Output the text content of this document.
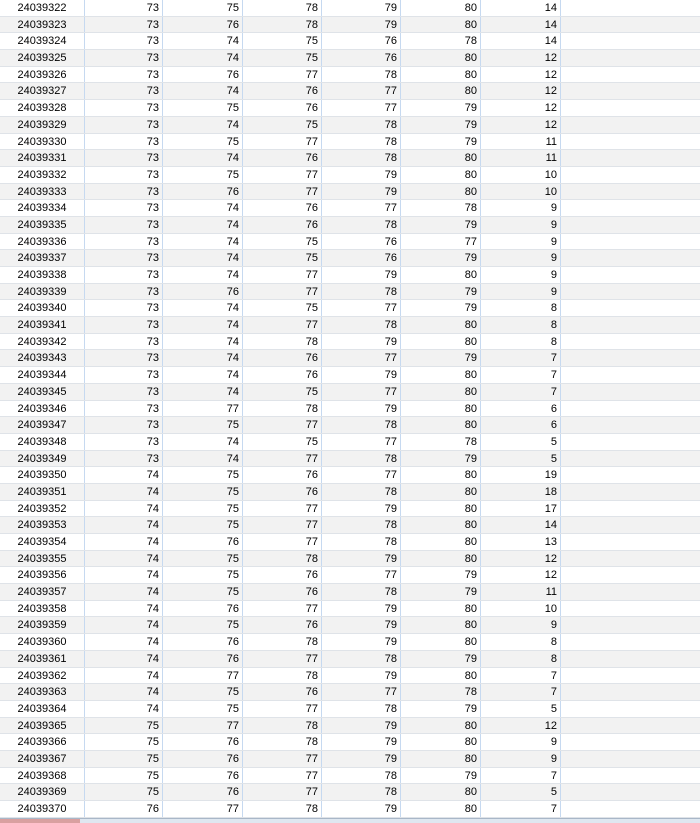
24039322	73	75	78	79	80	14
24039323	73	76	78	79	80	14
24039324	73	74	75	76	78	14
24039325	73	74	75	76	80	12
24039326	73	76	77	78	80	12
24039327	73	74	76	77	80	12
24039328	73	75	76	77	79	12
24039329	73	74	75	78	79	12
24039330	73	75	77	78	79	11
24039331	73	74	76	78	80	11
24039332	73	75	77	79	80	10
24039333	73	76	77	79	80	10
24039334	73	74	76	77	78	9
24039335	73	74	76	78	79	9
24039336	73	74	75	76	77	9
24039337	73	74	75	76	79	9
24039338	73	74	77	79	80	9
24039339	73	76	77	78	79	9
24039340	73	74	75	77	79	8
24039341	73	74	77	78	80	8
24039342	73	74	78	79	80	8
24039343	73	74	76	77	79	7
24039344	73	74	76	79	80	7
24039345	73	74	75	77	80	7
24039346	73	77	78	79	80	6
24039347	73	75	77	78	80	6
24039348	73	74	75	77	78	5
24039349	73	74	77	78	79	5
24039350	74	75	76	77	80	19
24039351	74	75	76	78	80	18
24039352	74	75	77	79	80	17
24039353	74	75	77	78	80	14
24039354	74	76	77	78	80	13
24039355	74	75	78	79	80	12
24039356	74	75	76	77	79	12
24039357	74	75	76	78	79	11
24039358	74	76	77	79	80	10
24039359	74	75	76	79	80	9
24039360	74	76	78	79	80	8
24039361	74	76	77	78	79	8
24039362	74	77	78	79	80	7
24039363	74	75	76	77	78	7
24039364	74	75	77	78	79	5
24039365	75	77	78	79	80	12
24039366	75	76	78	79	80	9
24039367	75	76	77	79	80	9
24039368	75	76	77	78	79	7
24039369	75	76	77	78	80	5
24039370	76	77	78	79	80	7
